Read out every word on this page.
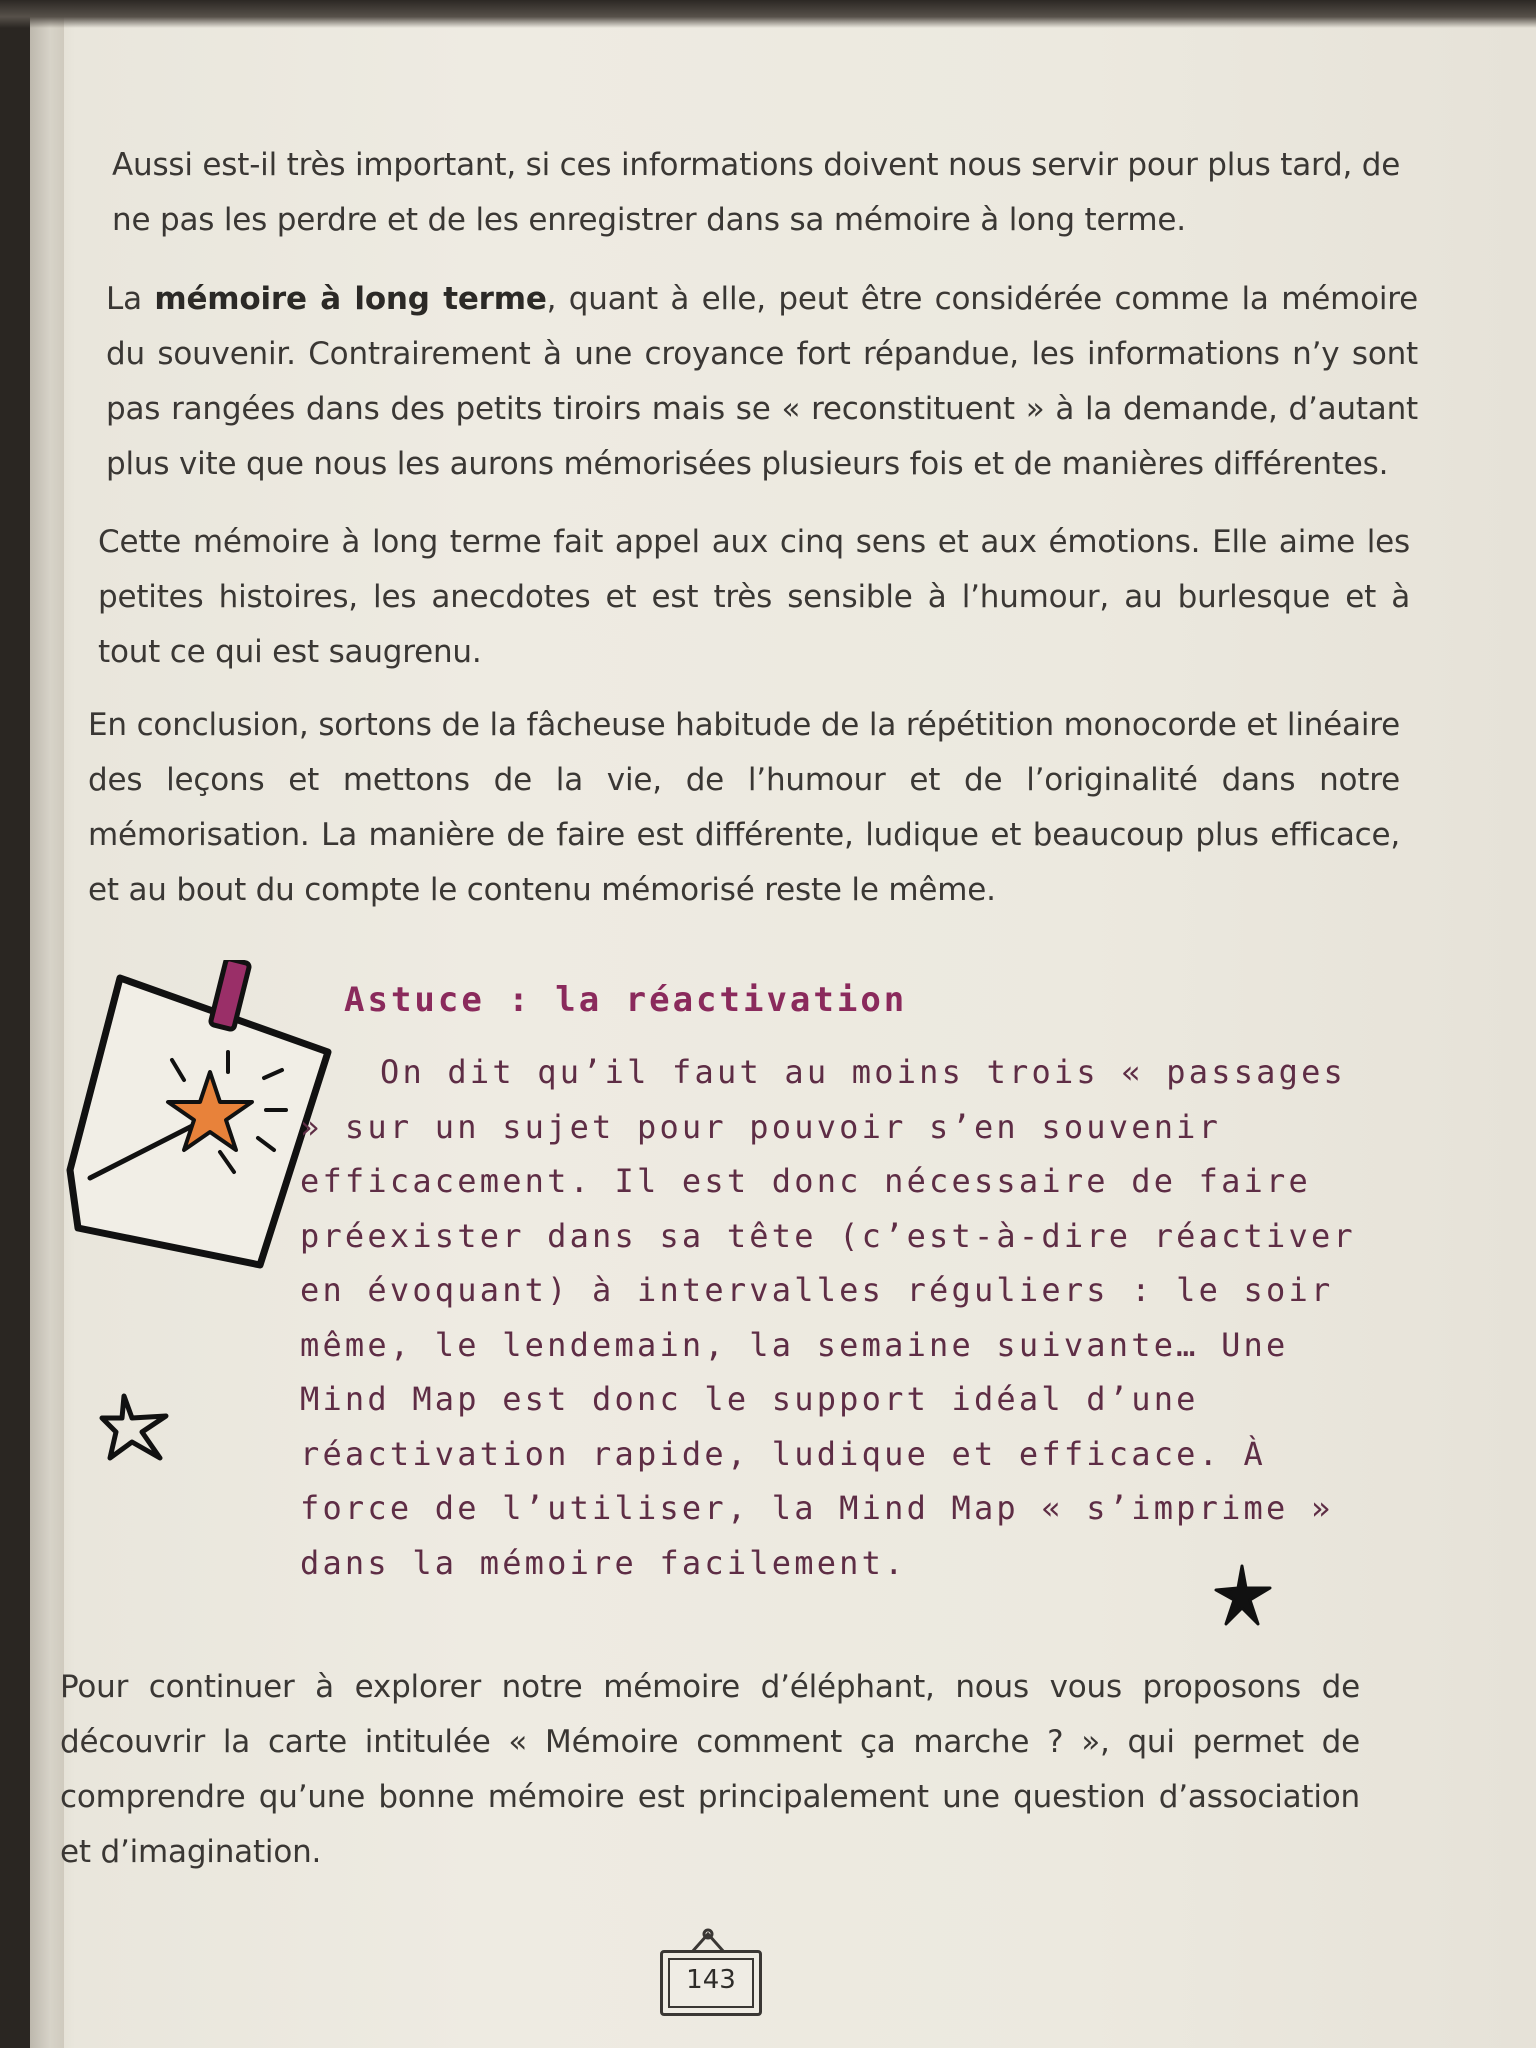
Aussi est-il très important, si ces informations doivent nous servir pour plus tard, de ne pas les perdre et de les enregistrer dans sa mémoire à long terme.

La mémoire à long terme, quant à elle, peut être considérée comme la mémoire du souvenir. Contrairement à une croyance fort répandue, les informations n’y sont pas rangées dans des petits tiroirs mais se « reconstituent » à la demande, d’autant plus vite que nous les aurons mémorisées plusieurs fois et de manières différentes.

Cette mémoire à long terme fait appel aux cinq sens et aux émotions. Elle aime les petites histoires, les anecdotes et est très sensible à l’humour, au burlesque et à tout ce qui est saugrenu.

En conclusion, sortons de la fâcheuse habitude de la répétition monocorde et linéaire des leçons et mettons de la vie, de l’humour et de l’originalité dans notre mémorisation. La manière de faire est différente, ludique et beaucoup plus efficace, et au bout du compte le contenu mémorisé reste le même.

Astuce : la réactivation

On dit qu’il faut au moins trois « passages » sur un sujet pour pouvoir s’en souvenir efficacement. Il est donc nécessaire de faire préexister dans sa tête (c’est-à-dire réactiver en évoquant) à intervalles réguliers : le soir même, le lendemain, la semaine suivante… Une Mind Map est donc le support idéal d’une réactivation rapide, ludique et efficace. À force de l’utiliser, la Mind Map « s’imprime » dans la mémoire facilement.

Pour continuer à explorer notre mémoire d’éléphant, nous vous proposons de découvrir la carte intitulée « Mémoire comment ça marche ? », qui permet de comprendre qu’une bonne mémoire est principalement une question d’association et d’imagination.

143
